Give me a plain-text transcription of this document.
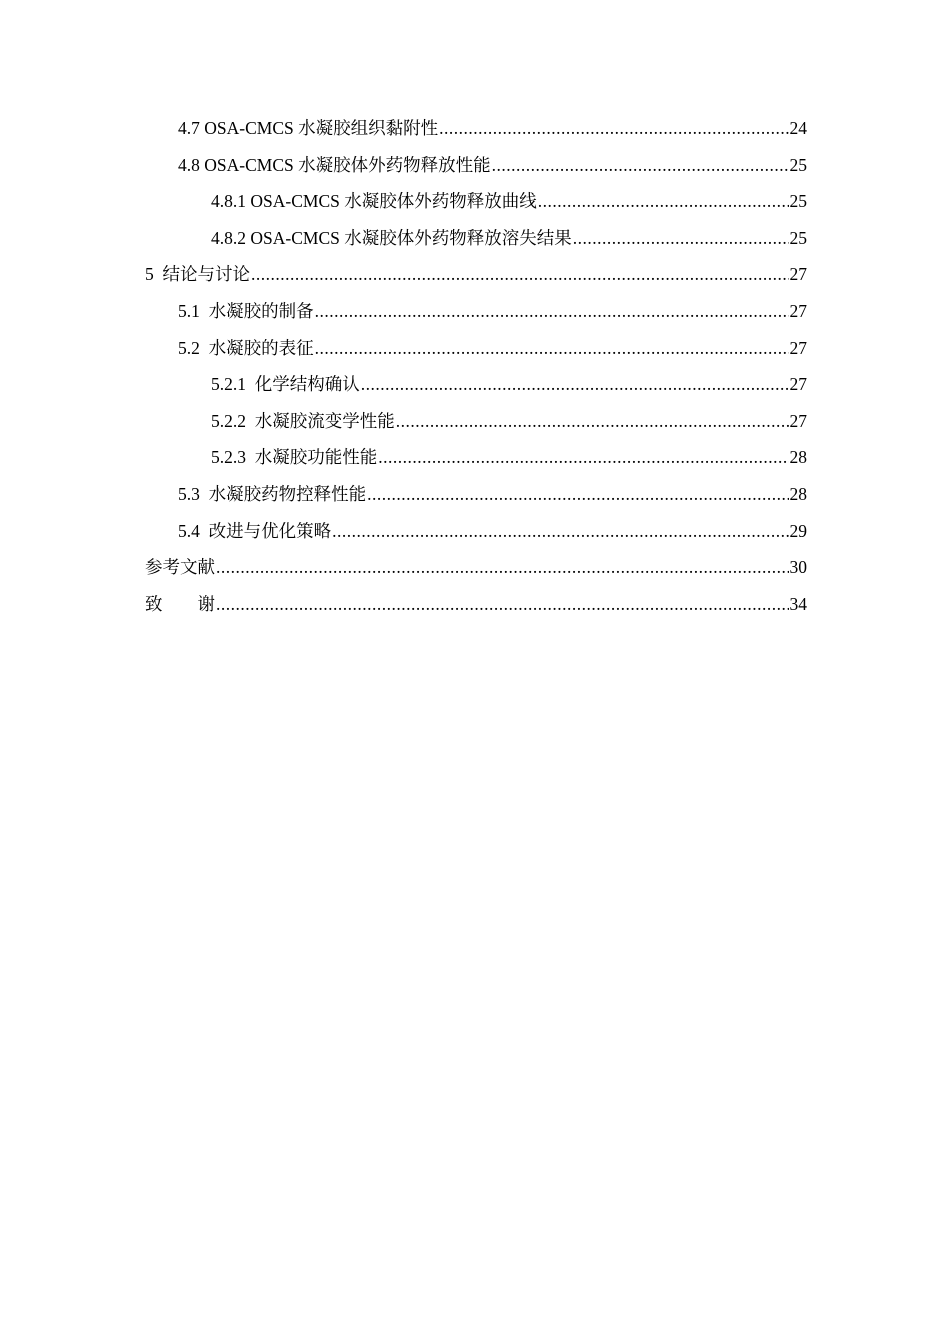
4.7 OSA-CMCS 水凝胶组织黏附性 .....	24
4.8 OSA-CMCS 水凝胶体外药物释放性能 .....	25
4.8.1 OSA-CMCS 水凝胶体外药物释放曲线 .....	25
4.8.2 OSA-CMCS 水凝胶体外药物释放溶失结果 .....	25
5  结论与讨论 .....	27
5.1  水凝胶的制备 .....	27
5.2  水凝胶的表征 .....	27
5.2.1  化学结构确认 .....	27
5.2.2  水凝胶流变学性能 .....	27
5.2.3  水凝胶功能性能 .....	28
5.3  水凝胶药物控释性能 .....	28
5.4  改进与优化策略 .....	29
参考文献 .....	30
致        谢 .....	34
